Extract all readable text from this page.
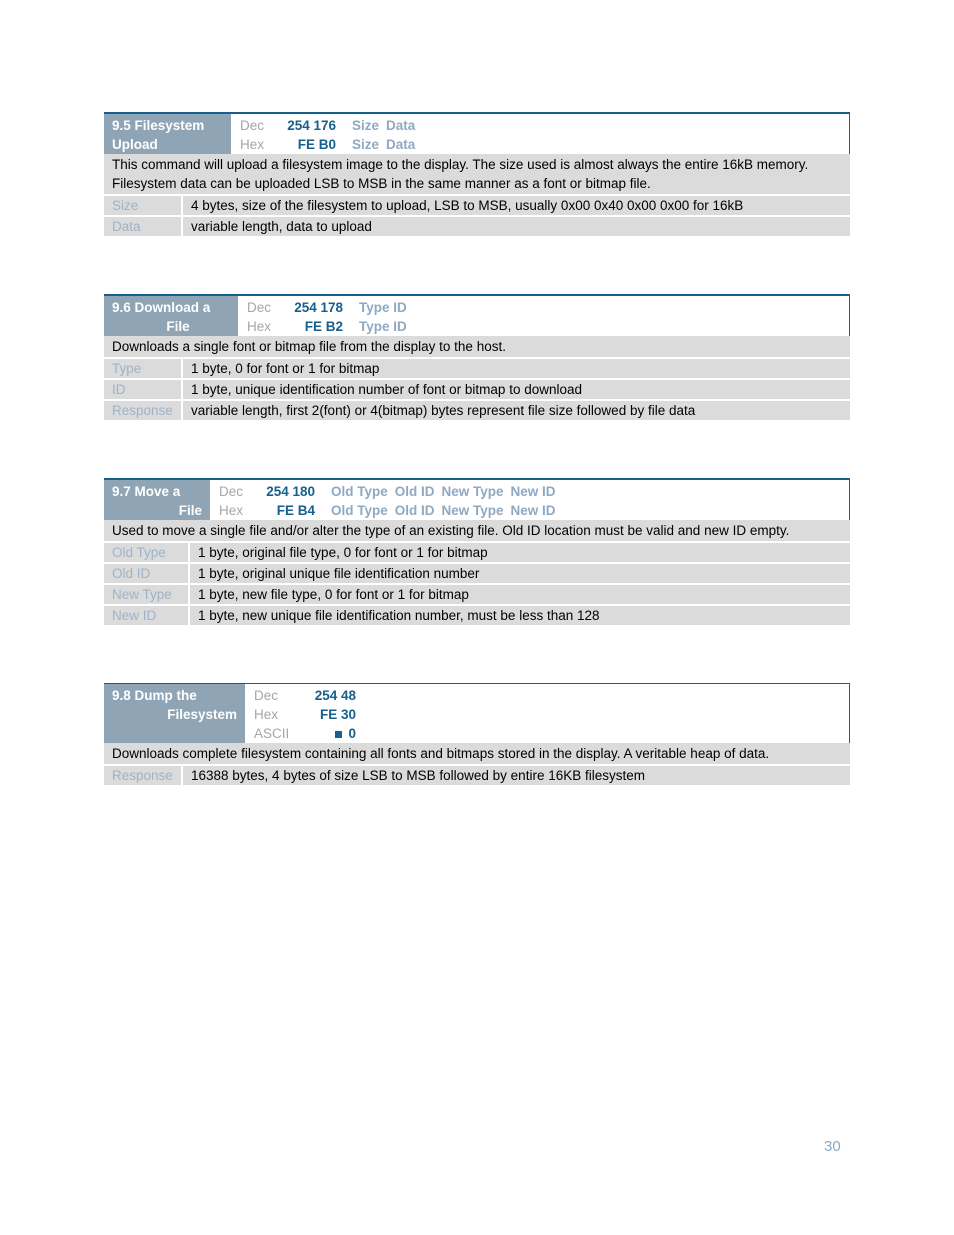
9.5 Filesystem
Upload
Dec	254 176 Size Data
Hex	FE B0 Size Data
This command will upload a filesystem image to the display. The size used is almost always the entire 16kB memory. Filesystem data can be uploaded LSB to MSB in the same manner as a font or bitmap file.
Size	4 bytes, size of the filesystem to upload, LSB to MSB, usually 0x00 0x40 0x00 0x00 for 16kB
Data	variable length, data to upload
9.6 Download a
File
Dec	254 178 Type ID
Hex	FE B2 Type ID
Downloads a single font or bitmap file from the display to the host.
Type	1 byte, 0 for font or 1 for bitmap
ID	1 byte, unique identification number of font or bitmap to download
Response	variable length, first 2(font) or 4(bitmap) bytes represent file size followed by file data
9.7 Move a
File
Dec	254 180 Old Type Old ID New Type New ID
Hex	FE B4 Old Type Old ID New Type New ID
Used to move a single file and/or alter the type of an existing file. Old ID location must be valid and new ID empty.
Old Type	1 byte, original file type, 0 for font or 1 for bitmap
Old ID	1 byte, original unique file identification number
New Type	1 byte, new file type, 0 for font or 1 for bitmap
New ID	1 byte, new unique file identification number, must be less than 128
9.8 Dump the
Filesystem
Dec	254 48
Hex	FE 30
ASCII	0
Downloads complete filesystem containing all fonts and bitmaps stored in the display. A veritable heap of data.
Response	16388 bytes, 4 bytes of size LSB to MSB followed by entire 16KB filesystem
30
